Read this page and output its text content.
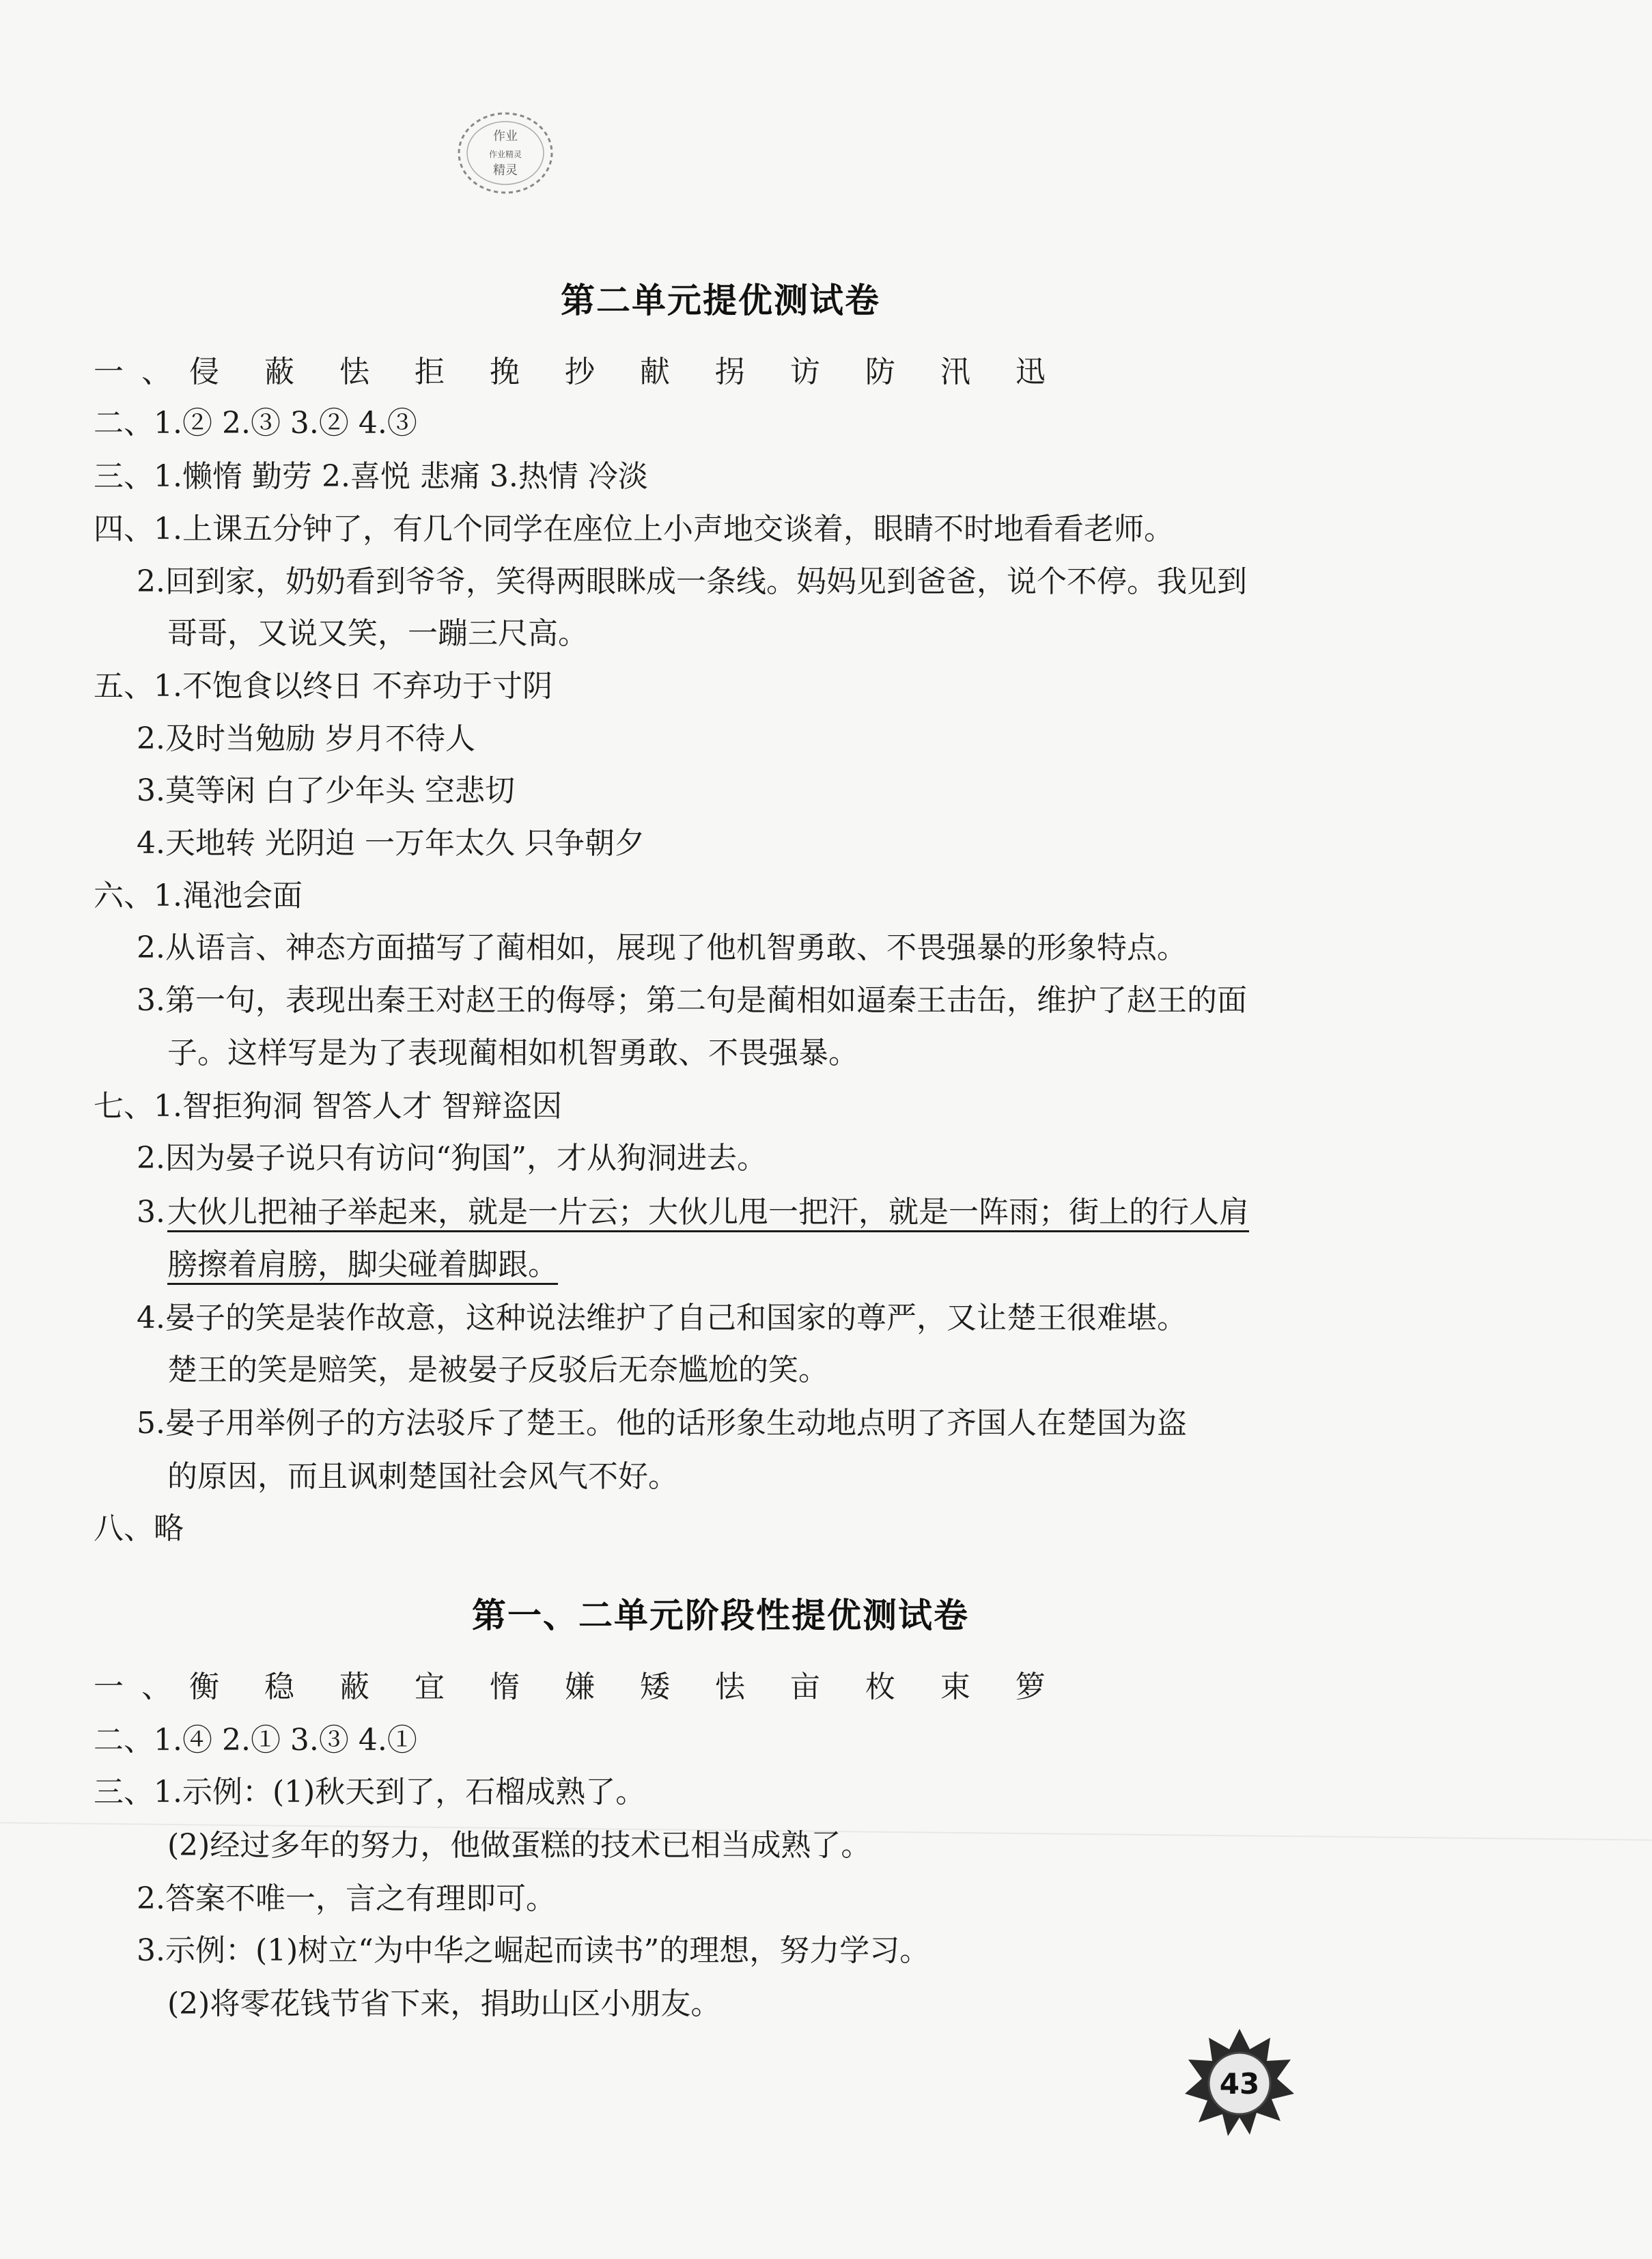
作业
作业精灵
精灵
第二单元提优测试卷
一、侵 蔽 怯 拒 挽 抄 献 拐 访 防 汛 迅
二、1.② 2.③ 3.② 4.③
三、1.懒惰 勤劳 2.喜悦 悲痛 3.热情 冷淡
四、1.上课五分钟了，有几个同学在座位上小声地交谈着，眼睛不时地看看老师。
2.回到家，奶奶看到爷爷，笑得两眼眯成一条线。妈妈见到爸爸，说个不停。我见到
哥哥，又说又笑，一蹦三尺高。
五、1.不饱食以终日 不弃功于寸阴
2.及时当勉励 岁月不待人
3.莫等闲 白了少年头 空悲切
4.天地转 光阴迫 一万年太久 只争朝夕
六、1.渑池会面
2.从语言、神态方面描写了蔺相如，展现了他机智勇敢、不畏强暴的形象特点。
3.第一句，表现出秦王对赵王的侮辱；第二句是蔺相如逼秦王击缶，维护了赵王的面
子。这样写是为了表现蔺相如机智勇敢、不畏强暴。
七、1.智拒狗洞 智答人才 智辩盗因
2.因为晏子说只有访问“狗国”，才从狗洞进去。
3. 大伙儿把袖子举起来，就是一片云；大伙儿甩一把汗，就是一阵雨；街上的行人肩
膀擦着肩膀，脚尖碰着脚跟。
4.晏子的笑是装作故意，这种说法维护了自己和国家的尊严，又让楚王很难堪。
楚王的笑是赔笑，是被晏子反驳后无奈尴尬的笑。
5.晏子用举例子的方法驳斥了楚王。他的话形象生动地点明了齐国人在楚国为盗
的原因，而且讽刺楚国社会风气不好。
八、略
第一、二单元阶段性提优测试卷
一、衡 稳 蔽 宜 惰 嫌 矮 怯 亩 枚 束 箩
二、1.④ 2.① 3.③ 4.①
三、1.示例：(1)秋天到了，石榴成熟了。
(2)经过多年的努力，他做蛋糕的技术已相当成熟了。
2.答案不唯一，言之有理即可。
3.示例：(1)树立“为中华之崛起而读书”的理想，努力学习。
(2)将零花钱节省下来，捐助山区小朋友。
43
